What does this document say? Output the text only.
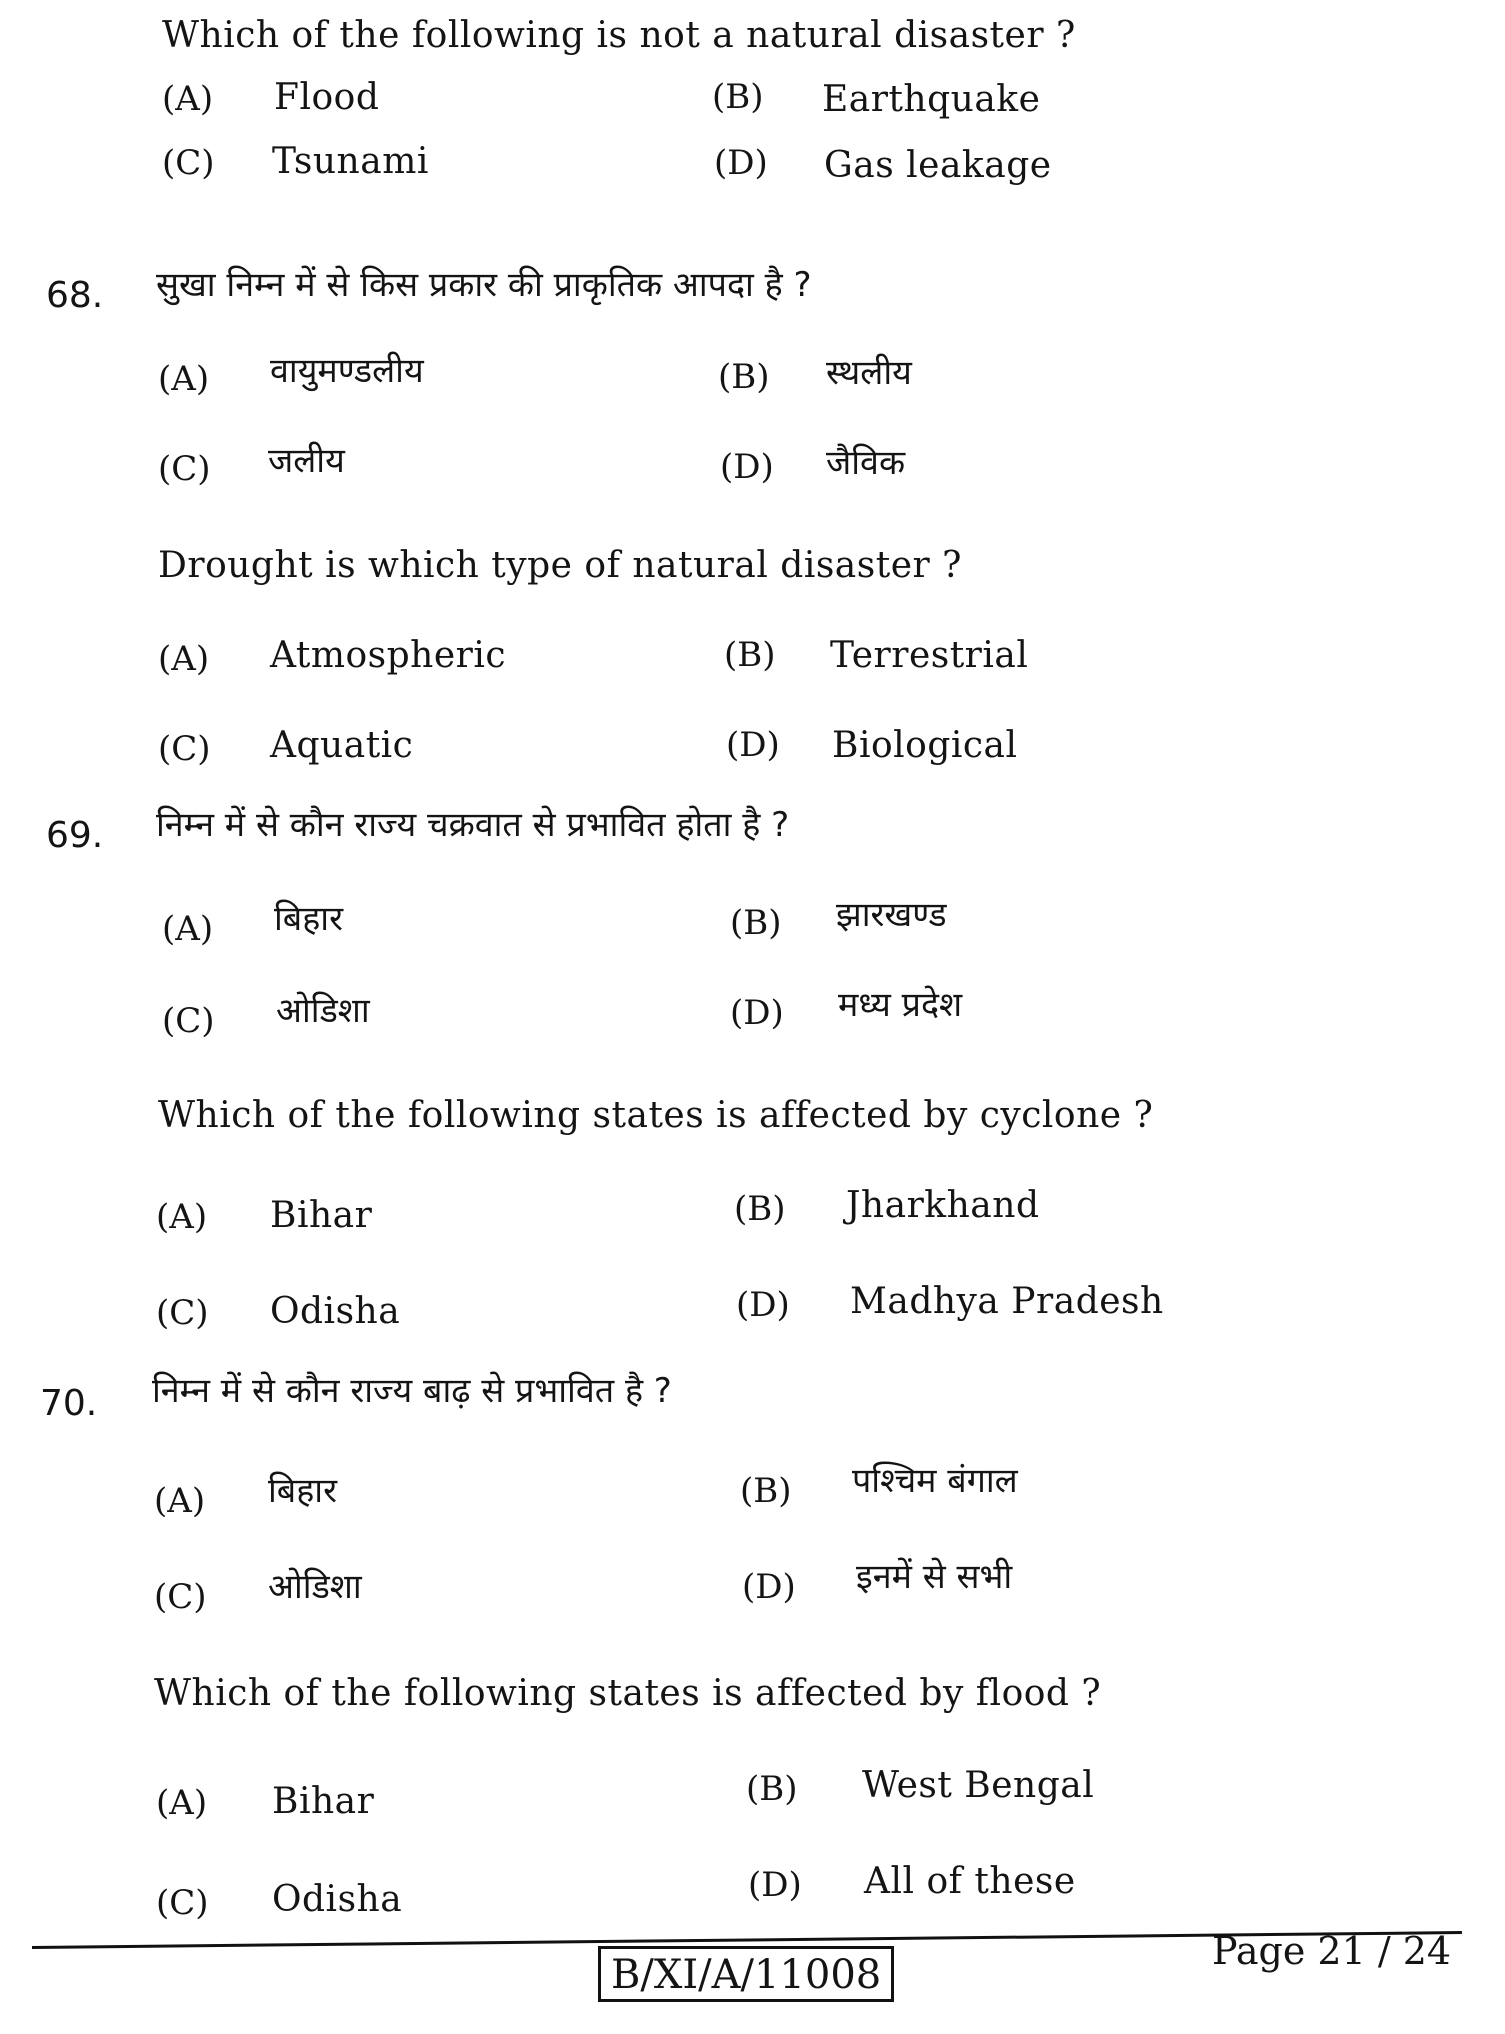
Which of the following is not a natural disaster ?
(A) Flood	(B) Earthquake
(C) Tsunami	(D) Gas leakage
68. सुखा निम्न में से किस प्रकार की प्राकृतिक आपदा है ?
(A) वायुमण्डलीय	(B) स्थलीय
(C) जलीय	(D) जैविक
Drought is which type of natural disaster ?
(A) Atmospheric	(B) Terrestrial
(C) Aquatic	(D) Biological
69. निम्न में से कौन राज्य चक्रवात से प्रभावित होता है ?
(A) बिहार	(B) झारखण्ड
(C) ओडिशा	(D) मध्य प्रदेश
Which of the following states is affected by cyclone ?
(A) Bihar	(B) Jharkhand
(C) Odisha	(D) Madhya Pradesh
70. निम्न में से कौन राज्य बाढ़ से प्रभावित है ?
(A) बिहार	(B) पश्चिम बंगाल
(C) ओडिशा	(D) इनमें से सभी
Which of the following states is affected by flood ?
(A) Bihar	(B) West Bengal
(C) Odisha	(D) All of these
B/XI/A/11008
Page 21 / 24
